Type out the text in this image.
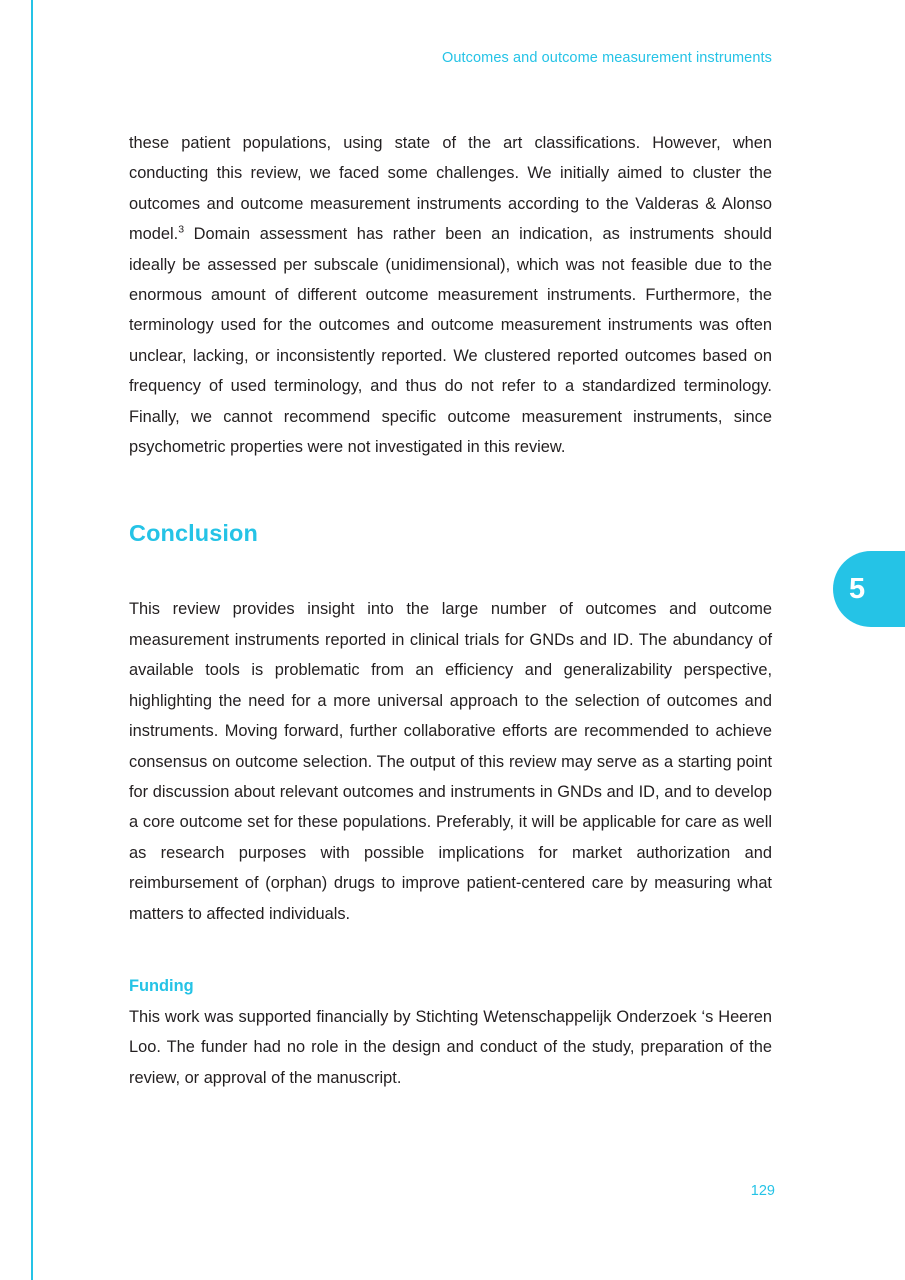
Outcomes and outcome measurement instruments
5

these patient populations, using state of the art classifications. However, when conducting this review, we faced some challenges. We initially aimed to cluster the outcomes and outcome measurement instruments according to the Valderas & Alonso model.$^3$ Domain assessment has rather been an indication, as instruments should ideally be assessed per subscale (unidimensional), which was not feasible due to the enormous amount of different outcome measurement instruments. Furthermore, the terminology used for the outcomes and outcome measurement instruments was often unclear, lacking, or inconsistently reported. We clustered reported outcomes based on frequency of used terminology, and thus do not refer to a standardized terminology. Finally, we cannot recommend specific outcome measurement instruments, since psychometric properties were not investigated in this review.

Conclusion

This review provides insight into the large number of outcomes and outcome measurement instruments reported in clinical trials for GNDs and ID. The abundancy of available tools is problematic from an efficiency and generalizability perspective, highlighting the need for a more universal approach to the selection of outcomes and instruments. Moving forward, further collaborative efforts are recommended to achieve consensus on outcome selection. The output of this review may serve as a starting point for discussion about relevant outcomes and instruments in GNDs and ID, and to develop a core outcome set for these populations. Preferably, it will be applicable for care as well as research purposes with possible implications for market authorization and reimbursement of (orphan) drugs to improve patient-centered care by measuring what matters to affected individuals.

Funding

This work was supported financially by Stichting Wetenschappelijk Onderzoek ‘s Heeren Loo. The funder had no role in the design and conduct of the study, preparation of the review, or approval of the manuscript.

129
